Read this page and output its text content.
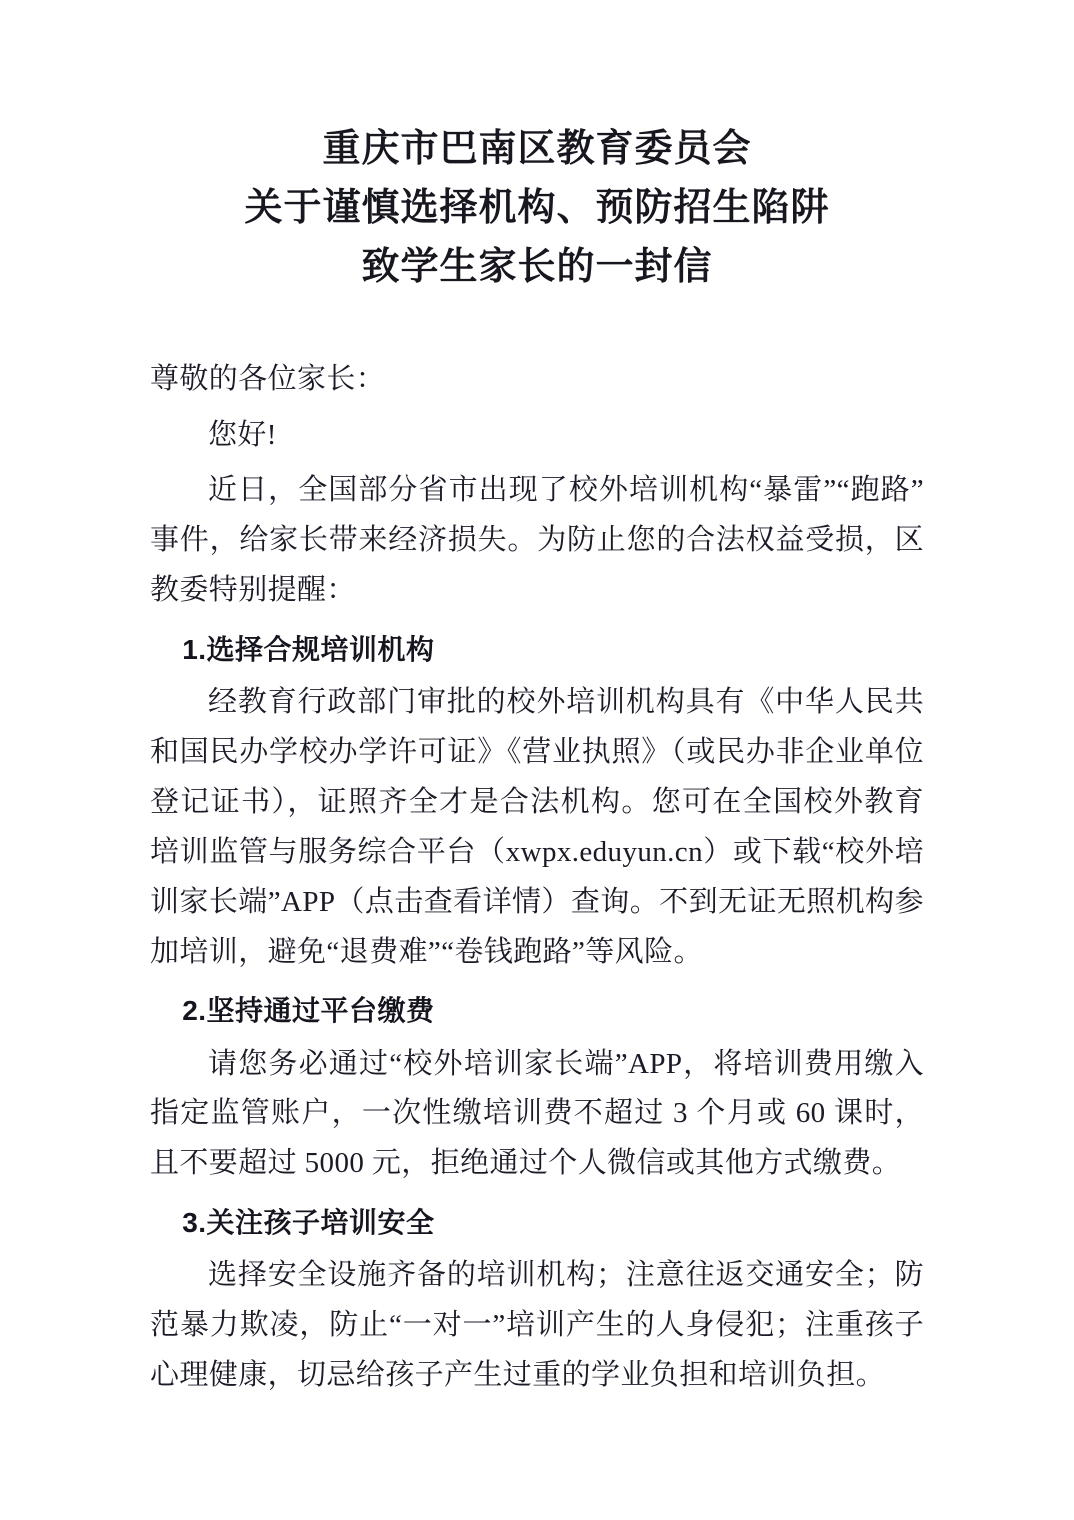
重庆市巴南区教育委员会
关于谨慎选择机构、预防招生陷阱
致学生家长的一封信

尊敬的各位家长：

您好!

近日，全国部分省市出现了校外培训机构“暴雷”“跑路”事件，给家长带来经济损失。为防止您的合法权益受损，区教委特别提醒：

1.选择合规培训机构

经教育行政部门审批的校外培训机构具有《中华人民共和国民办学校办学许可证》《营业执照》（或民办非企业单位登记证书），证照齐全才是合法机构。您可在全国校外教育培训监管与服务综合平台（xwpx.eduyun.cn）或下载“校外培训家长端”APP（点击查看详情）查询。不到无证无照机构参加培训，避免“退费难”“卷钱跑路”等风险。

2.坚持通过平台缴费

请您务必通过“校外培训家长端”APP，将培训费用缴入指定监管账户，一次性缴培训费不超过 3 个月或 60 课时，且不要超过 5000 元，拒绝通过个人微信或其他方式缴费。

3.关注孩子培训安全

选择安全设施齐备的培训机构；注意往返交通安全；防范暴力欺凌，防止“一对一”培训产生的人身侵犯；注重孩子心理健康，切忌给孩子产生过重的学业负担和培训负担。
